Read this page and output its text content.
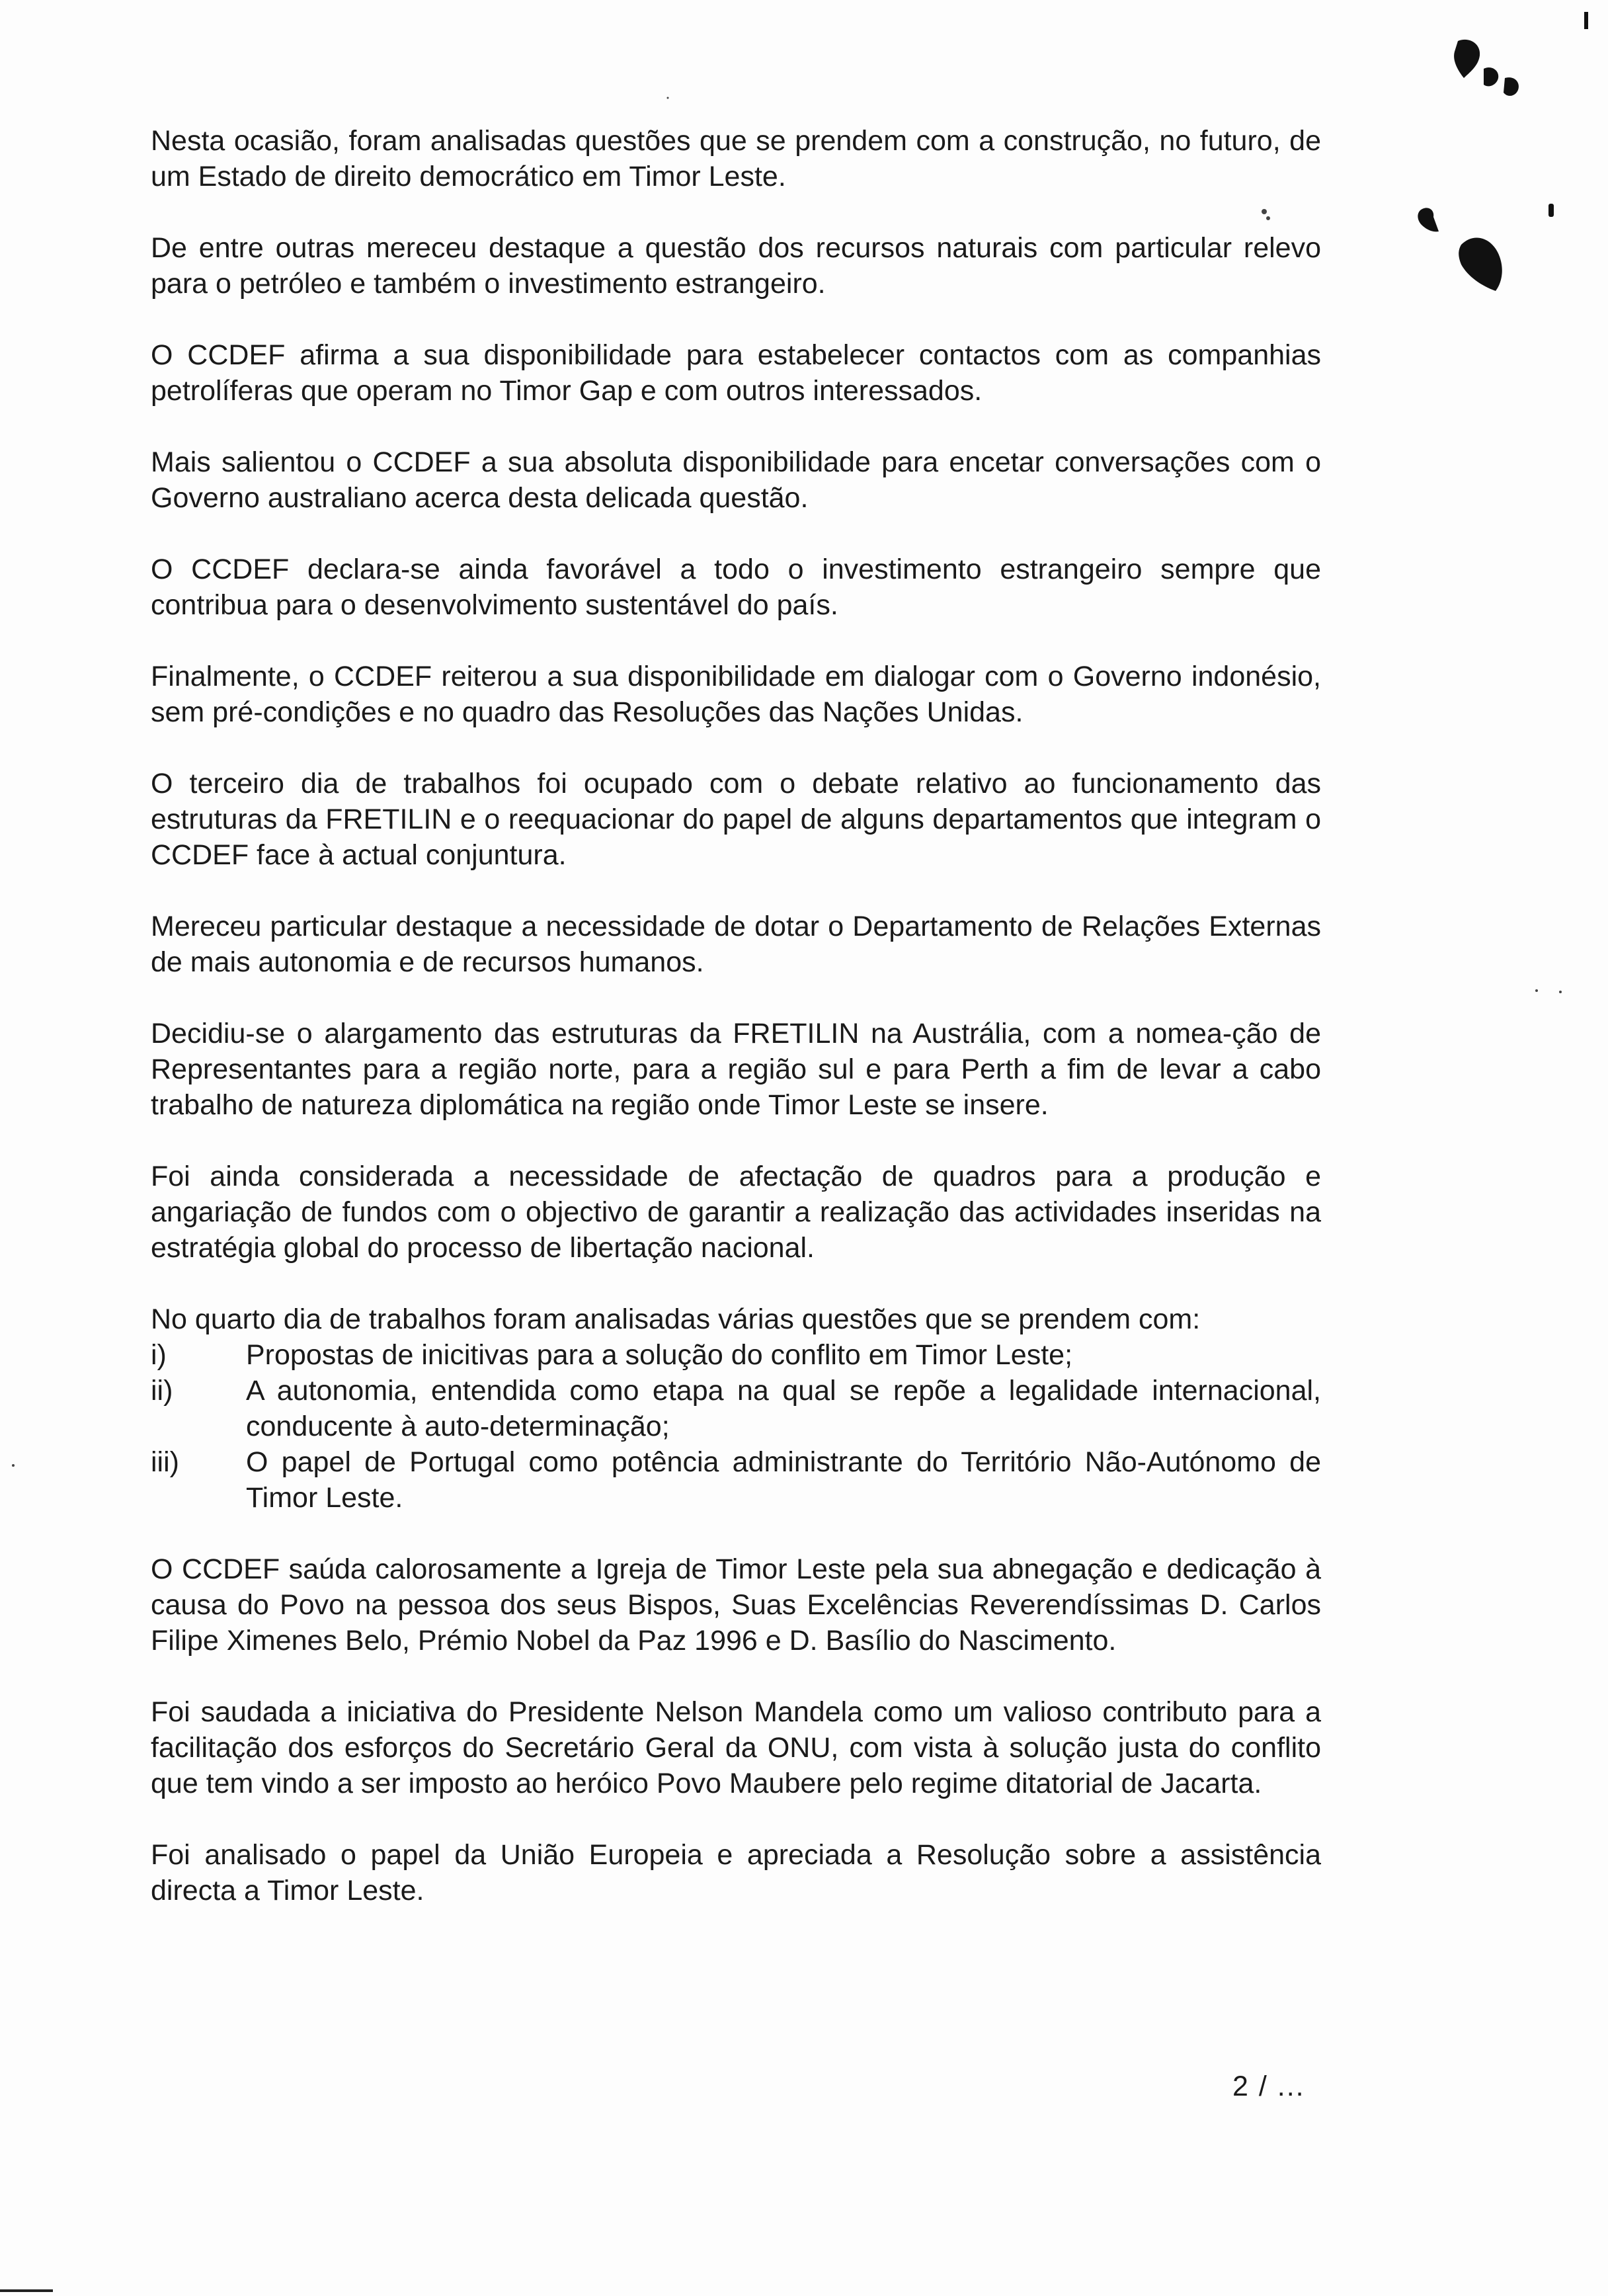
Nesta ocasião, foram analisadas questões que se prendem com a construção, no futuro, de um Estado de direito democrático em Timor Leste.

De entre outras mereceu destaque a questão dos recursos naturais com particular relevo para o petróleo e também o investimento estrangeiro.

O CCDEF afirma a sua disponibilidade para estabelecer contactos com as companhias petrolíferas que operam no Timor Gap e com outros interessados.

Mais salientou o CCDEF a sua absoluta disponibilidade para encetar conversações com o Governo australiano acerca desta delicada questão.

O CCDEF declara-se ainda favorável a todo o investimento estrangeiro sempre que contribua para o desenvolvimento sustentável do país.

Finalmente, o CCDEF reiterou a sua disponibilidade em dialogar com o Governo indonésio, sem pré-condições e no quadro das Resoluções das Nações Unidas.

O terceiro dia de trabalhos foi ocupado com o debate relativo ao funcionamento das estruturas da FRETILIN e o reequacionar do papel de alguns departamentos que integram o CCDEF face à actual conjuntura.

Mereceu particular destaque a necessidade de dotar o Departamento de Relações Externas de mais autonomia e de recursos humanos.

Decidiu-se o alargamento das estruturas da FRETILIN na Austrália, com a nomea-ção de Representantes para a região norte, para a região sul e para Perth a fim de levar a cabo trabalho de natureza diplomática na região onde Timor Leste se insere.

Foi ainda considerada a necessidade de afectação de quadros para a produção e angariação de fundos com o objectivo de garantir a realização das actividades inseridas na estratégia global do processo de libertação nacional.

No quarto dia de trabalhos foram analisadas várias questões que se prendem com:

i)	Propostas de inicitivas para a solução do conflito em Timor Leste;
ii)	A autonomia, entendida como etapa na qual se repõe a legalidade internacional, conducente à auto-determinação;
iii)	O papel de Portugal como potência administrante do Território Não-Autónomo de Timor Leste.

O CCDEF saúda calorosamente a Igreja de Timor Leste pela sua abnegação e dedicação à causa do Povo na pessoa dos seus Bispos, Suas Excelências Reverendíssimas D. Carlos Filipe Ximenes Belo, Prémio Nobel da Paz 1996 e D. Basílio do Nascimento.

Foi saudada a iniciativa do Presidente Nelson Mandela como um valioso contributo para a facilitação dos esforços do Secretário Geral da ONU, com vista à solução justa do conflito que tem vindo a ser imposto ao heróico Povo Maubere pelo regime ditatorial de Jacarta.

Foi analisado o papel da União Europeia e apreciada a Resolução sobre a assistência directa a Timor Leste.

2 / ...
